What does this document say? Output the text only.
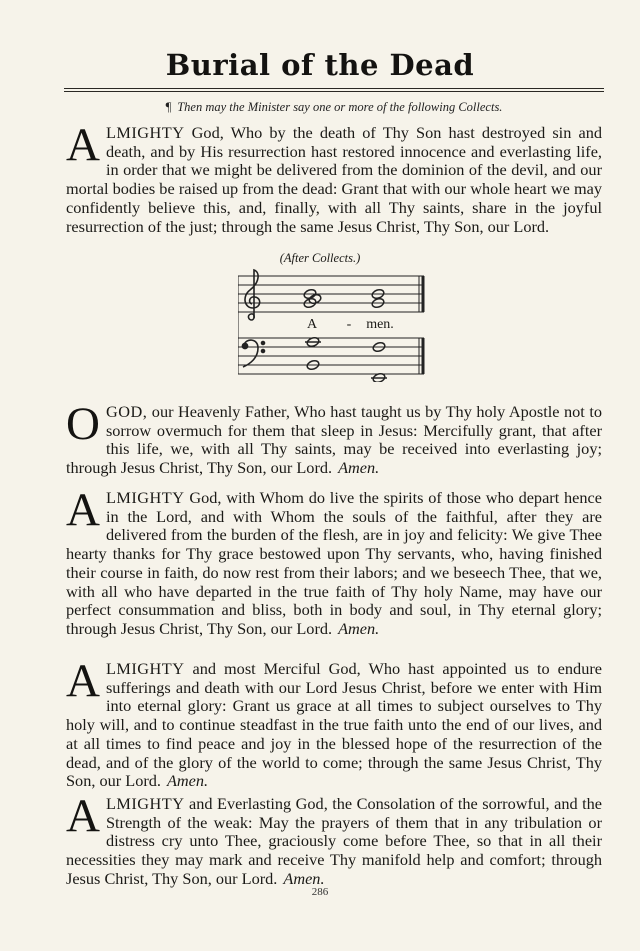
Burial of the Dead
¶ Then may the Minister say one or more of the following Collects.
ALMIGHTY God, Who by the death of Thy Son hast destroyed sin and death, and by His resurrection hast restored innocence and everlasting life, in order that we might be delivered from the dominion of the devil, and our mortal bodies be raised up from the dead: Grant that with our whole heart we may confidently believe this, and, finally, with all Thy saints, share in the joyful resurrection of the just; through the same Jesus Christ, Thy Son, our Lord.
(After Collects.)
A - men.
OGOD, our Heavenly Father, Who hast taught us by Thy holy Apostle not to sorrow overmuch for them that sleep in Jesus: Mercifully grant, that after this life, we, with all Thy saints, may be received into everlasting joy; through Jesus Christ, Thy Son, our Lord. Amen.
ALMIGHTY God, with Whom do live the spirits of those who depart hence in the Lord, and with Whom the souls of the faithful, after they are delivered from the burden of the flesh, are in joy and felicity: We give Thee hearty thanks for Thy grace bestowed upon Thy servants, who, having finished their course in faith, do now rest from their labors; and we beseech Thee, that we, with all who have departed in the true faith of Thy holy Name, may have our perfect consummation and bliss, both in body and soul, in Thy eternal glory; through Jesus Christ, Thy Son, our Lord. Amen.
ALMIGHTY and most Merciful God, Who hast appointed us to endure sufferings and death with our Lord Jesus Christ, before we enter with Him into eternal glory: Grant us grace at all times to subject ourselves to Thy holy will, and to continue steadfast in the true faith unto the end of our lives, and at all times to find peace and joy in the blessed hope of the resurrection of the dead, and of the glory of the world to come; through the same Jesus Christ, Thy Son, our Lord. Amen.
ALMIGHTY and Everlasting God, the Consolation of the sorrowful, and the Strength of the weak: May the prayers of them that in any tribulation or distress cry unto Thee, graciously come before Thee, so that in all their necessities they may mark and receive Thy manifold help and comfort; through Jesus Christ, Thy Son, our Lord. Amen.
286
